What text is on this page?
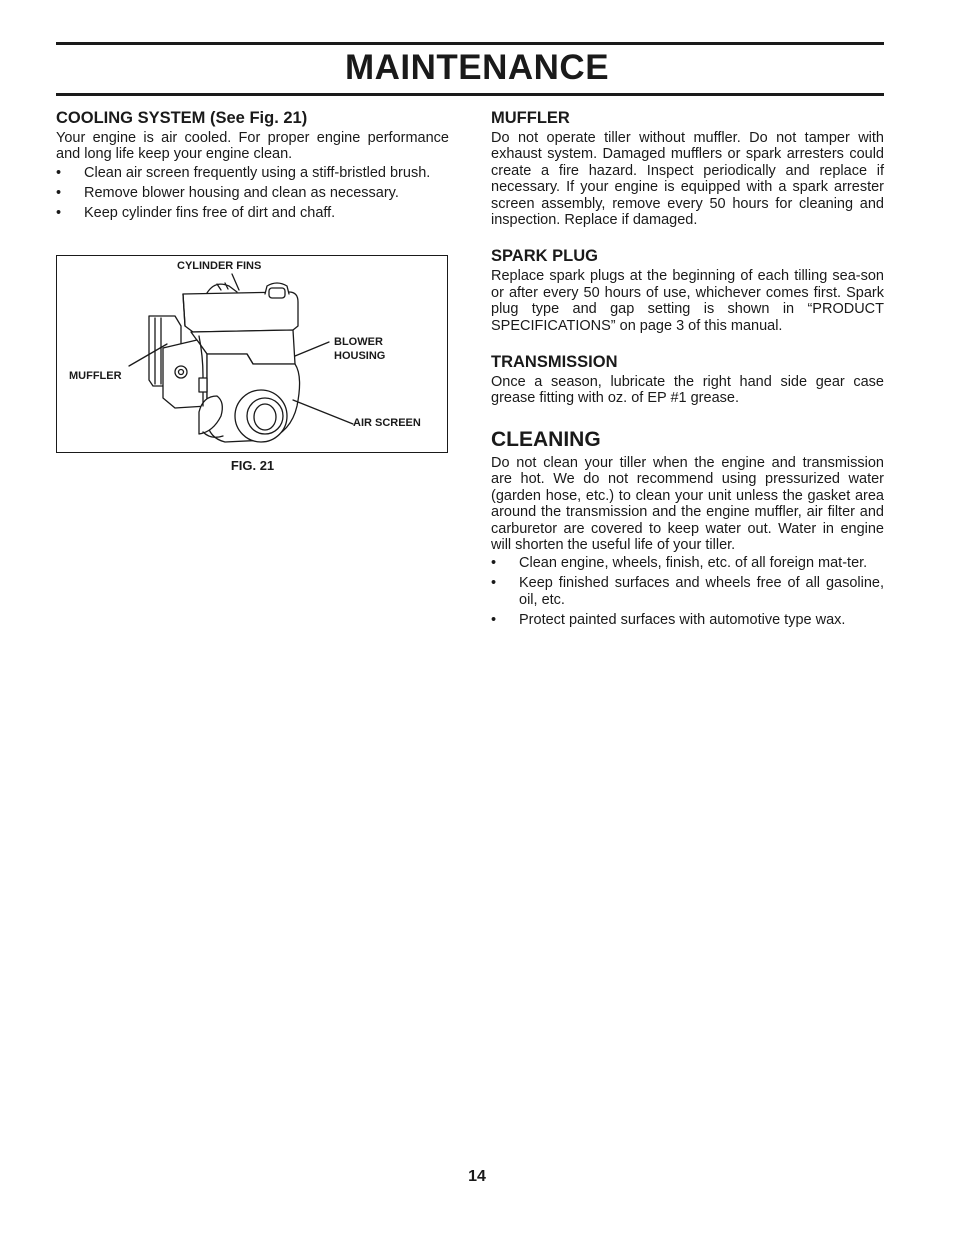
MAINTENANCE
COOLING SYSTEM (See Fig. 21)

Your engine is air cooled. For proper engine performance and long life keep your engine clean.

• Clean air screen frequently using a stiff-bristled brush.
• Remove blower housing and clean as necessary.
• Keep cylinder fins free of dirt and chaff.
CYLINDER FINS
BLOWER
HOUSING
MUFFLER
AIR SCREEN
FIG. 21
MUFFLER

Do not operate tiller without muffler. Do not tamper with exhaust system. Damaged mufflers or spark arresters could create a fire hazard. Inspect periodically and replace if necessary. If your engine is equipped with a spark arrester screen assembly, remove every 50 hours for cleaning and inspection. Replace if damaged.

SPARK PLUG

Replace spark plugs at the beginning of each tilling sea-son or after every 50 hours of use, whichever comes first. Spark plug type and gap setting is shown in “PRODUCT SPECIFICATIONS” on page 3 of this manual.

TRANSMISSION

Once a season, lubricate the right hand side gear case grease fitting with oz. of EP #1 grease.

CLEANING

Do not clean your tiller when the engine and transmission are hot. We do not recommend using pressurized water (garden hose, etc.) to clean your unit unless the gasket area around the transmission and the engine muffler, air filter and carburetor are covered to keep water out. Water in engine will shorten the useful life of your tiller.

• Clean engine, wheels, finish, etc. of all foreign mat-ter.
• Keep finished surfaces and wheels free of all gasoline, oil, etc.
• Protect painted surfaces with automotive type wax.
14
